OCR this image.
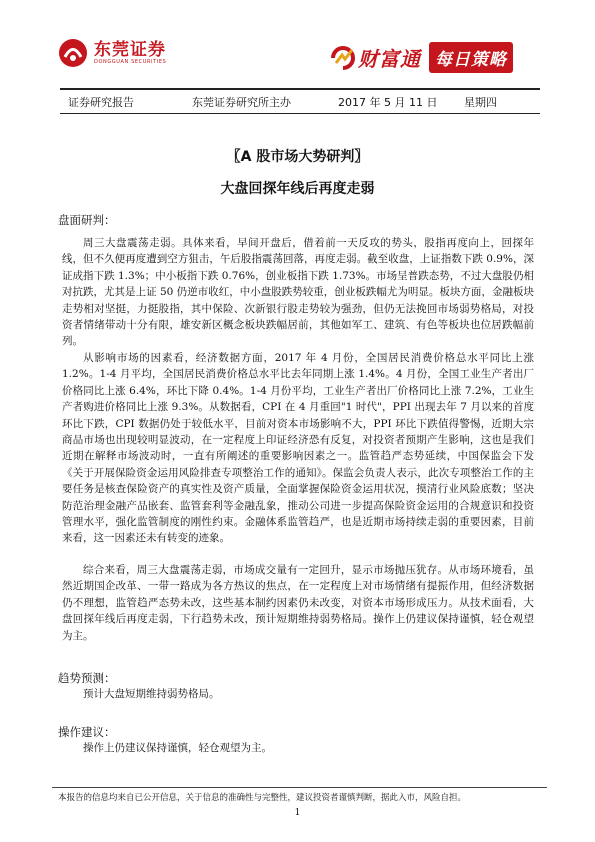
东莞证券
DONGGUAN SECURITIES	财富通 每日策略
证券研究报告	东莞证券研究所主办	2017 年 5 月 11 日 星期四
〖A 股市场大势研判〗
大盘回探年线后再度走弱
盘面研判：
周三大盘震荡走弱。具体来看，早间开盘后，借着前一天反攻的势头，股指再度向上，回探年线，但不久便再度遭到空方狙击，午后股指震荡回落，再度走弱。截至收盘，上证指数下跌 0.9%，深证成指下跌 1.3%；中小板指下跌 0.76%，创业板指下跌 1.73%。市场呈普跌态势，不过大盘股仍相对抗跌，尤其是上证 50 仍逆市收红，中小盘股跌势较重，创业板跌幅尤为明显。板块方面，金融板块走势相对坚挺，力挺股指，其中保险、次新银行股走势较为强劲，但仍无法挽回市场弱势格局，对投资者情绪带动十分有限，雄安新区概念板块跌幅居前，其他如军工、建筑、有色等板块也位居跌幅前列。
从影响市场的因素看，经济数据方面，2017 年 4 月份，全国居民消费价格总水平同比上涨 1.2%。1-4 月平均，全国居民消费价格总水平比去年同期上涨 1.4%。4 月份，全国工业生产者出厂价格同比上涨 6.4%，环比下降 0.4%。1-4 月份平均，工业生产者出厂价格同比上涨 7.2%，工业生产者购进价格同比上涨 9.3%。从数据看，CPI 在 4 月重回"1 时代"，PPI 出现去年 7 月以来的首度环比下跌，CPI 数据仍处于较低水平，目前对资本市场影响不大，PPI 环比下跌值得警惕，近期大宗商品市场也出现较明显波动，在一定程度上印证经济恐有反复，对投资者预期产生影响，这也是我们近期在解释市场波动时，一直有所阐述的重要影响因素之一。监管趋严态势延续，中国保监会下发《关于开展保险资金运用风险排查专项整治工作的通知》。保监会负责人表示，此次专项整治工作的主要任务是核查保险资产的真实性及资产质量，全面掌握保险资金运用状况，摸清行业风险底数；坚决防范治理金融产品嵌套、监管套利等金融乱象，推动公司进一步提高保险资金运用的合规意识和投资管理水平，强化监管制度的刚性约束。金融体系监管趋严，也是近期市场持续走弱的重要因素，目前来看，这一因素还未有转变的迹象。
综合来看，周三大盘震荡走弱，市场成交量有一定回升，显示市场抛压犹存。从市场环境看，虽然近期国企改革、一带一路成为各方热议的焦点，在一定程度上对市场情绪有提振作用，但经济数据仍不理想，监管趋严态势未改，这些基本制约因素仍未改变，对资本市场形成压力。从技术面看，大盘回探年线后再度走弱，下行趋势未改，预计短期维持弱势格局。操作上仍建议保持谨慎，轻仓观望为主。
趋势预测：
预计大盘短期维持弱势格局。
操作建议：
操作上仍建议保持谨慎，轻仓观望为主。
本报告的信息均来自已公开信息，关于信息的准确性与完整性，建议投资者谨慎判断，据此入市，风险自担。
1
